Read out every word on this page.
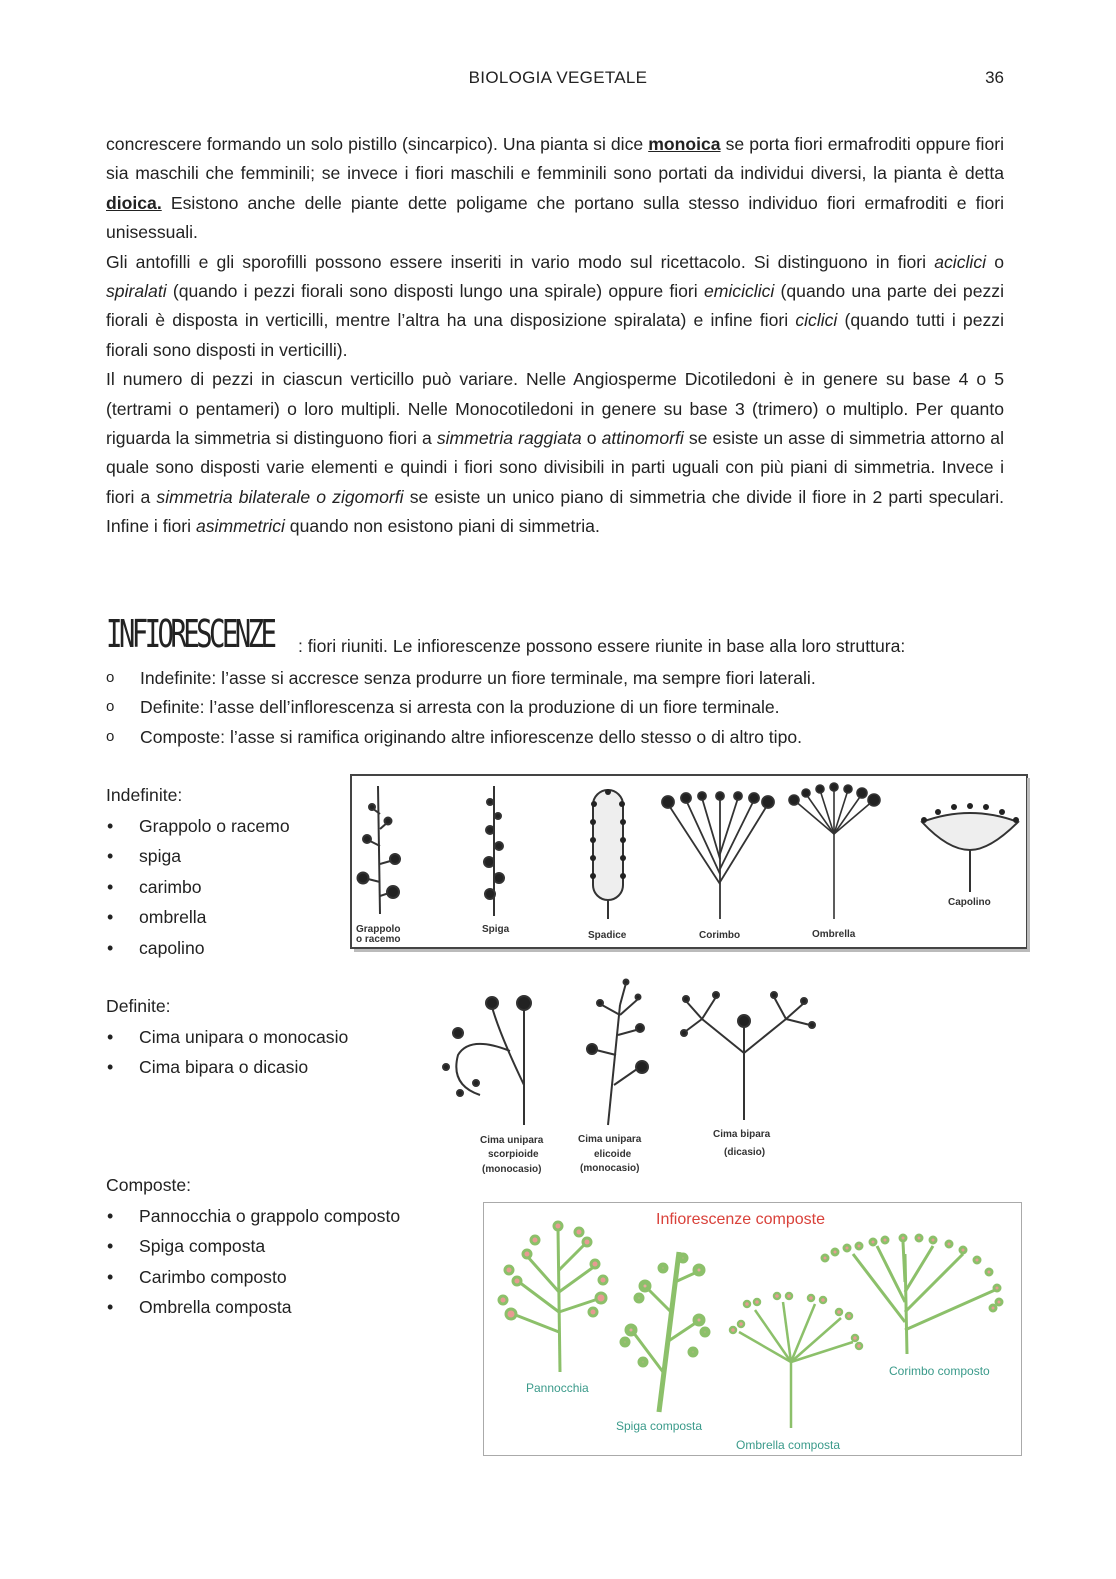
BIOLOGIA VEGETALE	36

concrescere formando un solo pistillo (sincarpico). Una pianta si dice monoica se porta fiori ermafroditi oppure fiori sia maschili che femminili; se invece i fiori maschili e femminili sono portati da individui diversi, la pianta è detta dioica. Esistono anche delle piante dette poligame che portano sulla stesso individuo fiori ermafroditi e fiori unisessuali.

Gli antofilli e gli sporofilli possono essere inseriti in vario modo sul ricettacolo. Si distinguono in fiori aciclici o spiralati (quando i pezzi fiorali sono disposti lungo una spirale) oppure fiori emiciclici (quando una parte dei pezzi fiorali è disposta in verticilli, mentre l’altra ha una disposizione spiralata) e infine fiori ciclici (quando tutti i pezzi fiorali sono disposti in verticilli).

Il numero di pezzi in ciascun verticillo può variare. Nelle Angiosperme Dicotiledoni è in genere su base 4 o 5 (tertrami o pentameri) o loro multipli. Nelle Monocotiledoni in genere su base 3 (trimero) o multiplo. Per quanto riguarda la simmetria si distinguono fiori a simmetria raggiata o attinomorfi se esiste un asse di simmetria attorno al quale sono disposti varie elementi e quindi i fiori sono divisibili in parti uguali con più piani di simmetria. Invece i fiori a simmetria bilaterale o zigomorfi se esiste un unico piano di simmetria che divide il fiore in 2 parti speculari. Infine i fiori asimmetrici quando non esistono piani di simmetria.

INFIORESCENZE : fiori riuniti. Le infiorescenze possono essere riunite in base alla loro struttura:
o Indefinite: l’asse si accresce senza produrre un fiore terminale, ma sempre fiori laterali.
o Definite: l’asse dell’inflorescenza si arresta con la produzione di un fiore terminale.
o Composte: l’asse si ramifica originando altre infiorescenze dello stesso o di altro tipo.

Indefinite:

• Grappolo o racemo
• spiga
• carimbo
• ombrella
• capolino
Grappolo
o racemo
Spiga
Spadice	Corimbo	Ombrella
Capolino

Definite:

• Cima unipara o monocasio
• Cima bipara o dicasio
Cima unipara
scorpioide
(monocasio)
Cima unipara
elicoide
(monocasio)
Cima bipara
(dicasio)

Composte:

• Pannocchia o grappolo composto
• Spiga composta
• Carimbo composto
• Ombrella composta
Infiorescenze composte
Pannocchia
Spiga composta
Ombrella composta
Corimbo composto
